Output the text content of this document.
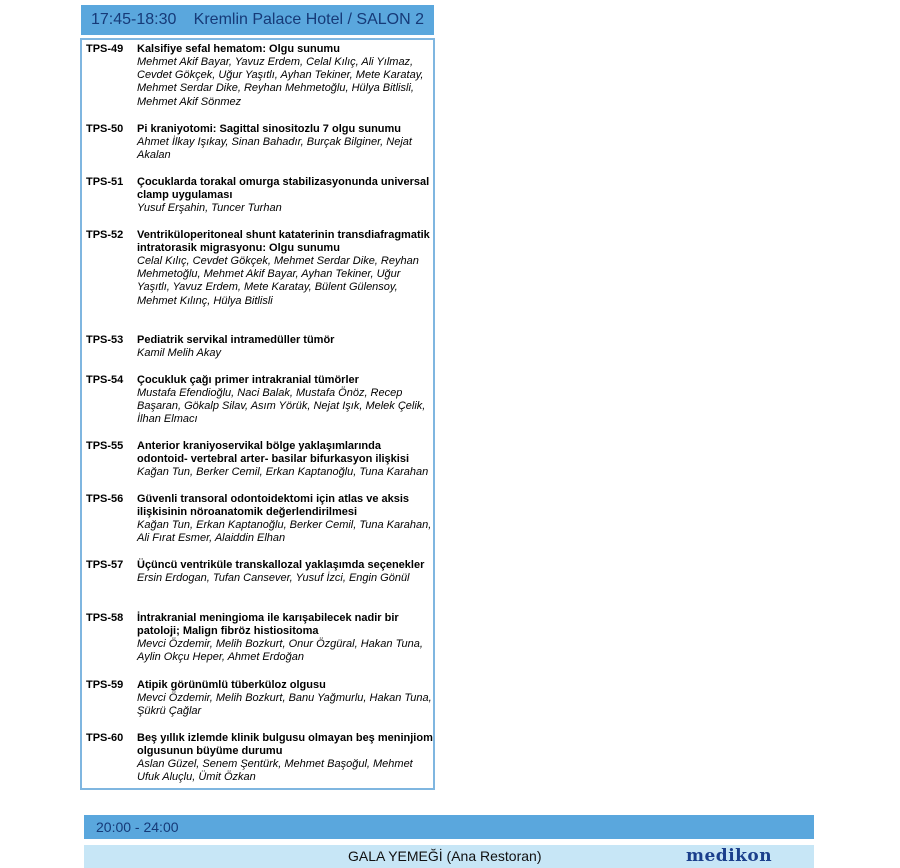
17:45-18:30 Kremlin Palace Hotel / SALON 2
TPS-49	Kalsifiye sefal hematom: Olgu sunumu
Mehmet Akif Bayar, Yavuz Erdem, Celal Kılıç, Ali Yılmaz, Cevdet Gökçek, Uğur Yaşıtlı, Ayhan Tekiner, Mete Karatay, Mehmet Serdar Dike, Reyhan Mehmetoğlu, Hülya Bitlisli, Mehmet Akif Sönmez
TPS-50	Pi kraniyotomi: Sagittal sinositozlu 7 olgu sunumu
Ahmet İlkay Işıkay, Sinan Bahadır, Burçak Bilginer, Nejat Akalan
TPS-51	Çocuklarda torakal omurga stabilizasyonunda universal clamp uygulaması
Yusuf Erşahin, Tuncer Turhan
TPS-52	Ventriküloperitoneal shunt kataterinin transdiafragmatik intratorasik migrasyonu: Olgu sunumu
Celal Kılıç, Cevdet Gökçek, Mehmet Serdar Dike, Reyhan Mehmetoğlu, Mehmet Akif Bayar, Ayhan Tekiner, Uğur Yaşıtlı, Yavuz Erdem, Mete Karatay, Bülent Gülensoy, Mehmet Kılınç, Hülya Bitlisli
TPS-53	Pediatrik servikal intramedüller tümör
Kamil Melih Akay
TPS-54	Çocukluk çağı primer intrakranial tümörler
Mustafa Efendioğlu, Naci Balak, Mustafa Önöz, Recep Başaran, Gökalp Silav, Asım Yörük, Nejat Işık, Melek Çelik, İlhan Elmacı
TPS-55	Anterior kraniyoservikal bölge yaklaşımlarında odontoid- vertebral arter- basilar bifurkasyon ilişkisi
Kağan Tun, Berker Cemil, Erkan Kaptanoğlu, Tuna Karahan
TPS-56	Güvenli transoral odontoidektomi için atlas ve aksis ilişkisinin nöroanatomik değerlendirilmesi
Kağan Tun, Erkan Kaptanoğlu, Berker Cemil, Tuna Karahan, Ali Fırat Esmer, Alaiddin Elhan
TPS-57	Üçüncü ventriküle transkallozal yaklaşımda seçenekler
Ersin Erdogan, Tufan Cansever, Yusuf İzci, Engin Gönül
TPS-58	İntrakranial meningioma ile karışabilecek nadir bir patoloji; Malign fibröz histiositoma
Mevci Özdemir, Melih Bozkurt, Onur Özgüral, Hakan Tuna, Aylin Okçu Heper, Ahmet Erdoğan
TPS-59	Atipik görünümlü tüberküloz olgusu
Mevci Özdemir, Melih Bozkurt, Banu Yağmurlu, Hakan Tuna, Şükrü Çağlar
TPS-60	Beş yıllık izlemde klinik bulgusu olmayan beş meninjiom olgusunun büyüme durumu
Aslan Güzel, Senem Şentürk, Mehmet Başoğul, Mehmet Ufuk Aluçlu, Ümit Özkan
20:00 - 24:00
GALA YEMEĞİ (Ana Restoran)	medikon
